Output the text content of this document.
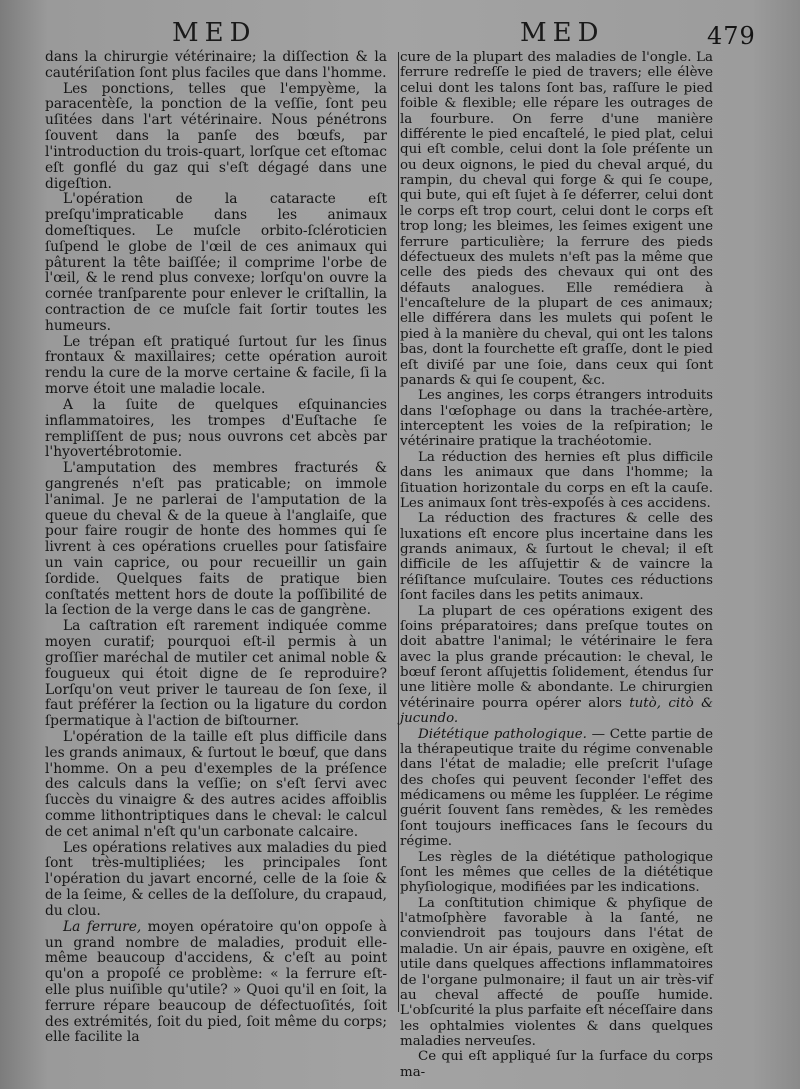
MED	MED	479

dans la chirurgie vétérinaire; la diſſection & la cautériſation ſont plus faciles que dans l'homme.

Les ponctions, telles que l'empyème, la paracentèſe, la ponction de la veſſie, ſont peu uſitées dans l'art vétérinaire. Nous pénétrons ſouvent dans la panſe des bœufs, par l'introduction du trois-quart, lorſque cet eſtomac eſt gonflé du gaz qui s'eſt dégagé dans une digeſtion.

L'opération de la cataracte eſt preſqu'impraticable dans les animaux domeſtiques. Le muſcle orbito-ſcléroticien ſuſpend le globe de l'œil de ces animaux qui pâturent la tête baiſſée; il comprime l'orbe de l'œil, & le rend plus convexe; lorſqu'on ouvre la cornée tranſparente pour enlever le criſtallin, la contraction de ce muſcle fait ſortir toutes les humeurs.

Le trépan eſt pratiqué ſurtout ſur les ſinus frontaux & maxillaires; cette opération auroit rendu la cure de la morve certaine & facile, ſi la morve étoit une maladie locale.

A la ſuite de quelques eſquinancies inflammatoires, les trompes d'Euſtache ſe rempliſſent de pus; nous ouvrons cet abcès par l'hyovertébrotomie.

L'amputation des membres fracturés & gangrenés n'eſt pas praticable; on immole l'animal. Je ne parlerai de l'amputation de la queue du cheval & de la queue à l'anglaiſe, que pour faire rougir de honte des hommes qui ſe livrent à ces opérations cruelles pour ſatisfaire un vain caprice, ou pour recueillir un gain ſordide. Quelques faits de pratique bien conſtatés mettent hors de doute la poſſibilité de la ſection de la verge dans le cas de gangrène.

La caſtration eſt rarement indiquée comme moyen curatif; pourquoi eſt-il permis à un groſſier maréchal de mutiler cet animal noble & fougueux qui étoit digne de ſe reproduire? Lorſqu'on veut priver le taureau de ſon ſexe, il faut préférer la ſection ou la ligature du cordon ſpermatique à l'action de biſtourner.

L'opération de la taille eſt plus difficile dans les grands animaux, & ſurtout le bœuf, que dans l'homme. On a peu d'exemples de la préſence des calculs dans la veſſie; on s'eſt ſervi avec ſuccès du vinaigre & des autres acides affoiblis comme lithontriptiques dans le cheval: le calcul de cet animal n'eſt qu'un carbonate calcaire.

Les opérations relatives aux maladies du pied ſont très-multipliées; les principales ſont l'opération du javart encorné, celle de la ſoie & de la ſeime, & celles de la deſſolure, du crapaud, du clou.

La ferrure, moyen opératoire qu'on oppoſe à un grand nombre de maladies, produit elle-même beaucoup d'accidens, & c'eſt au point qu'on a propoſé ce problème: « la ferrure eſt-elle plus nuiſible qu'utile? » Quoi qu'il en ſoit, la ferrure répare beaucoup de défectuoſités, ſoit des extrémités, ſoit du pied, ſoit même du corps; elle facilite la

cure de la plupart des maladies de l'ongle. La ferrure redreſſe le pied de travers; elle élève celui dont les talons ſont bas, raſſure le pied foible & flexible; elle répare les outrages de la fourbure. On ferre d'une manière différente le pied encaſtelé, le pied plat, celui qui eſt comble, celui dont la ſole préſente un ou deux oignons, le pied du cheval arqué, du rampin, du cheval qui forge & qui ſe coupe, qui bute, qui eſt ſujet à ſe déferrer, celui dont le corps eſt trop court, celui dont le corps eſt trop long; les bleimes, les ſeimes exigent une ferrure particulière; la ferrure des pieds défectueux des mulets n'eſt pas la même que celle des pieds des chevaux qui ont des défauts analogues. Elle remédiera à l'encaſtelure de la plupart de ces animaux; elle différera dans les mulets qui poſent le pied à la manière du cheval, qui ont les talons bas, dont la fourchette eſt graſſe, dont le pied eſt diviſé par une ſoie, dans ceux qui ſont panards & qui ſe coupent, &c.

Les angines, les corps étrangers introduits dans l'œſophage ou dans la trachée-artère, interceptent les voies de la reſpiration; le vétérinaire pratique la trachéotomie.

La réduction des hernies eſt plus difficile dans les animaux que dans l'homme; la ſituation horizontale du corps en eſt la cauſe. Les animaux ſont très-expoſés à ces accidens.

La réduction des fractures & celle des luxations eſt encore plus incertaine dans les grands animaux, & ſurtout le cheval; il eſt difficile de les aſſujettir & de vaincre la réſiſtance muſculaire. Toutes ces réductions ſont faciles dans les petits animaux.

La plupart de ces opérations exigent des ſoins préparatoires; dans preſque toutes on doit abattre l'animal; le vétérinaire le fera avec la plus grande précaution: le cheval, le bœuf ſeront aſſujettis ſolidement, étendus ſur une litière molle & abondante. Le chirurgien vétérinaire pourra opérer alors tutò, citò & jucundo.

Diététique pathologique. — Cette partie de la thérapeutique traite du régime convenable dans l'état de maladie; elle preſcrit l'uſage des choſes qui peuvent ſeconder l'effet des médicamens ou même les ſuppléer. Le régime guérit ſouvent ſans remèdes, & les remèdes ſont toujours inefficaces ſans le ſecours du régime.

Les règles de la diététique pathologique ſont les mêmes que celles de la diététique phyſiologique, modifiées par les indications.

La conſtitution chimique & phyſique de l'atmoſphère favorable à la ſanté, ne conviendroit pas toujours dans l'état de maladie. Un air épais, pauvre en oxigène, eſt utile dans quelques affections inflammatoires de l'organe pulmonaire; il faut un air très-vif au cheval affecté de pouſſe humide. L'obſcurité la plus parfaite eſt néceſſaire dans les ophtalmies violentes & dans quelques maladies nerveuſes.

Ce qui eſt appliqué ſur la ſurface du corps ma-
